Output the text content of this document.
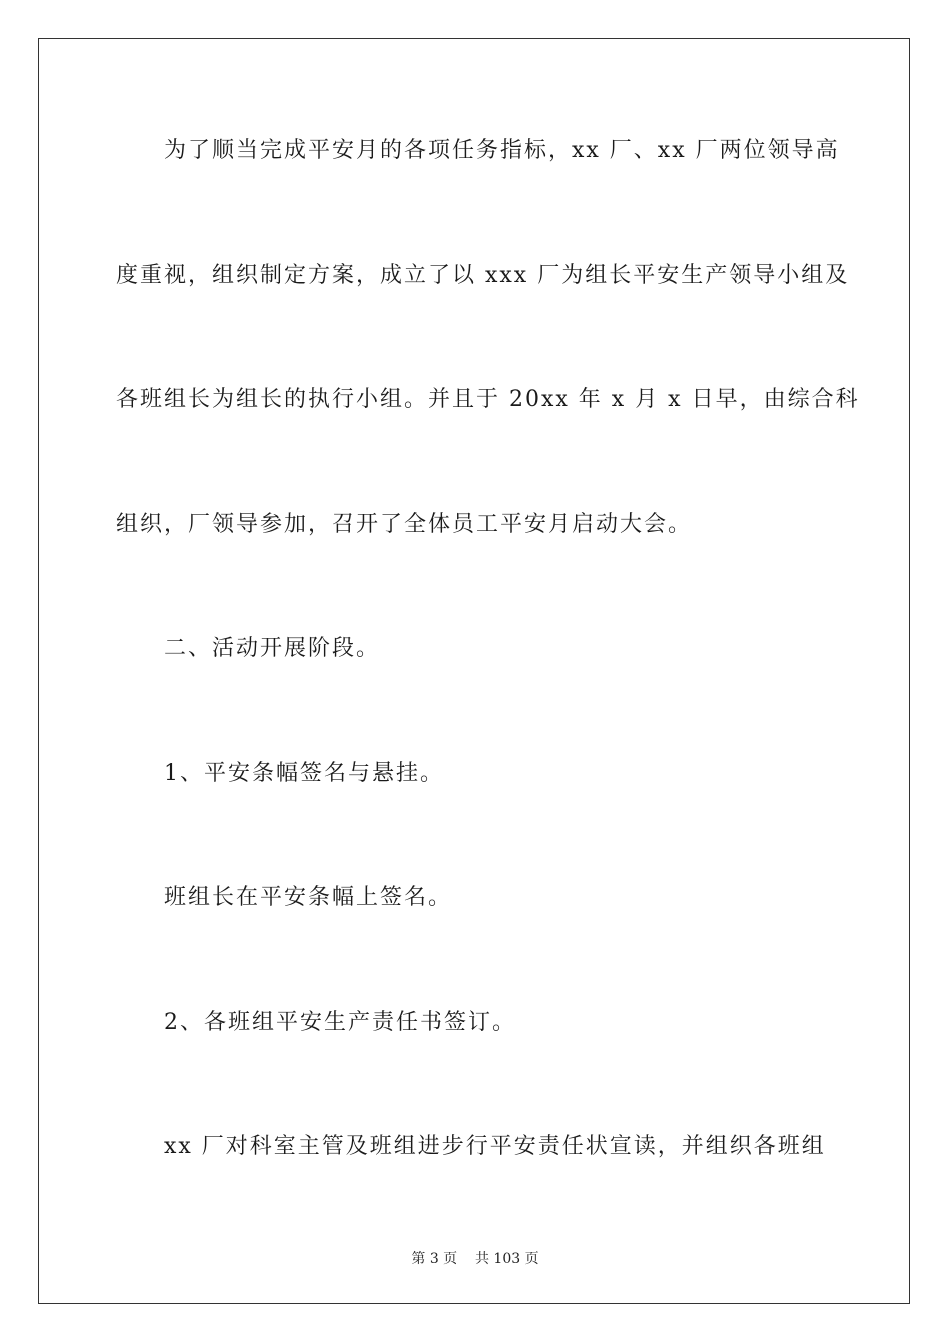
为了顺当完成平安月的各项任务指标，xx 厂、xx 厂两位领导高
度重视，组织制定方案，成立了以 xxx 厂为组长平安生产领导小组及
各班组长为组长的执行小组。并且于 20xx 年 x 月 x 日早，由综合科
组织，厂领导参加，召开了全体员工平安月启动大会。
二、活动开展阶段。
1、平安条幅签名与悬挂。
班组长在平安条幅上签名。
2、各班组平安生产责任书签订。
xx 厂对科室主管及班组进步行平安责任状宣读，并组织各班组
第 3 页    共 103 页
